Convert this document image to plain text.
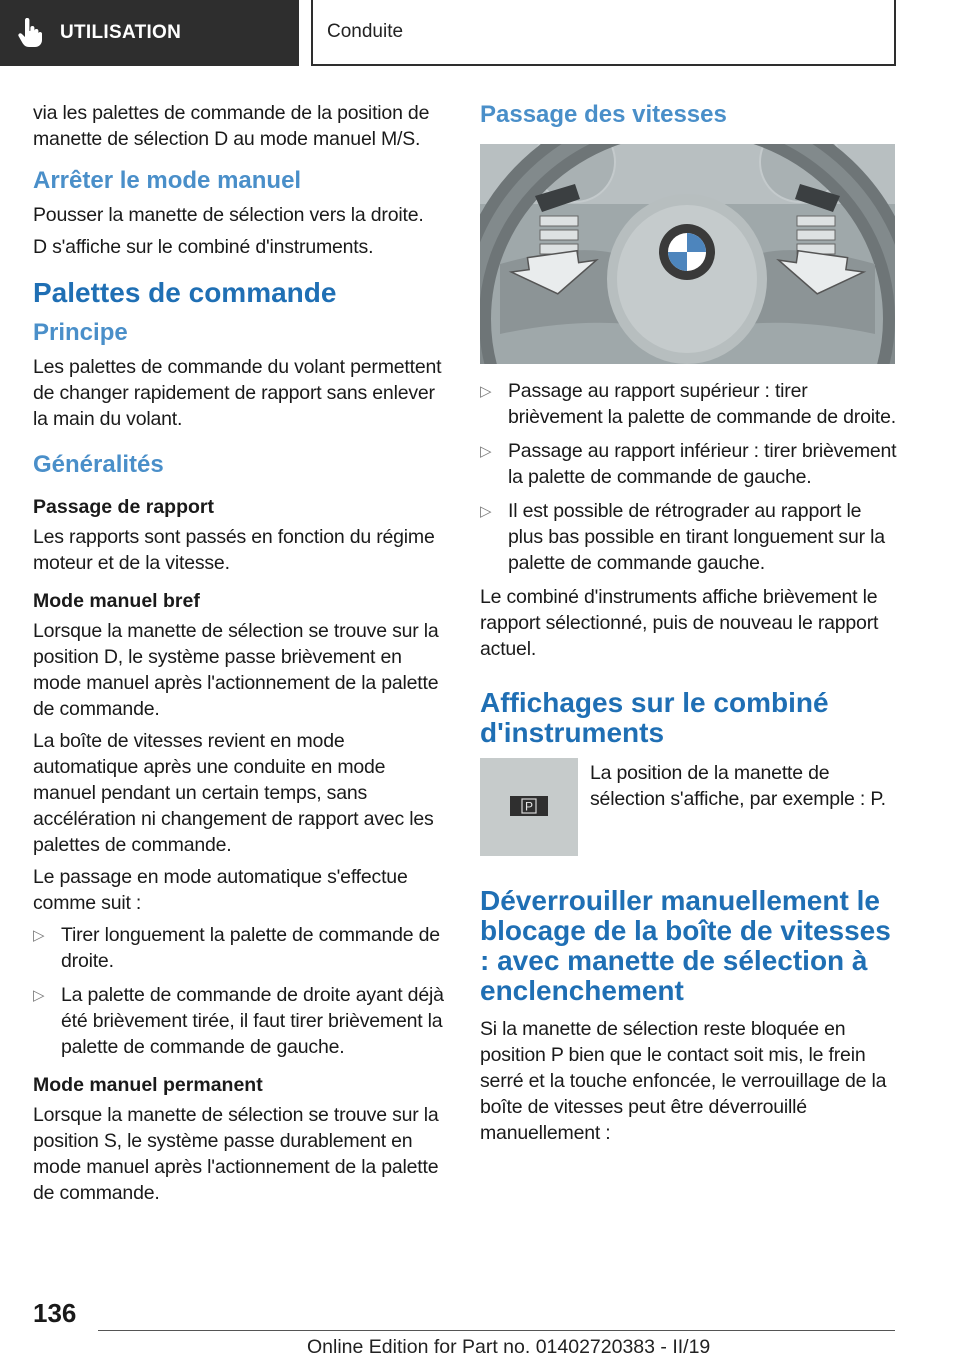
UTILISATION	Conduite

via les palettes de commande de la position de manette de sélection D au mode manuel M/S.

Arrêter le mode manuel

Pousser la manette de sélection vers la droite.

D s'affiche sur le combiné d'instruments.

Palettes de commande
Principe

Les palettes de commande du volant permettent de changer rapidement de rapport sans enlever la main du volant.

Généralités
Passage de rapport

Les rapports sont passés en fonction du régime moteur et de la vitesse.

Mode manuel bref

Lorsque la manette de sélection se trouve sur la position D, le système passe brièvement en mode manuel après l'actionnement de la palette de commande.

La boîte de vitesses revient en mode automatique après une conduite en mode manuel pendant un certain temps, sans accélération ni changement de rapport avec les palettes de commande.

Le passage en mode automatique s'effectue comme suit :

▷ Tirer longuement la palette de commande de droite.
▷ La palette de commande de droite ayant déjà été brièvement tirée, il faut tirer brièvement la palette de commande de gauche.
Mode manuel permanent

Lorsque la manette de sélection se trouve sur la position S, le système passe durablement en mode manuel après l'actionnement de la palette de commande.

Passage des vitesses
▷ Passage au rapport supérieur : tirer brièvement la palette de commande de droite.
▷ Passage au rapport inférieur : tirer brièvement la palette de commande de gauche.
▷ Il est possible de rétrograder au rapport le plus bas possible en tirant longuement sur la palette de commande gauche.

Le combiné d'instruments affiche brièvement le rapport sélectionné, puis de nouveau le rapport actuel.

Affichages sur le combiné d'instruments
P
La position de la manette de sélection s'affiche, par exemple : P.
Déverrouiller manuellement le blocage de la boîte de vitesses : avec manette de sélection à enclenchement

Si la manette de sélection reste bloquée en position P bien que le contact soit mis, le frein serré et la touche enfoncée, le verrouillage de la boîte de vitesses peut être déverrouillé manuellement :

136
Online Edition for Part no. 01402720383 - II/19
